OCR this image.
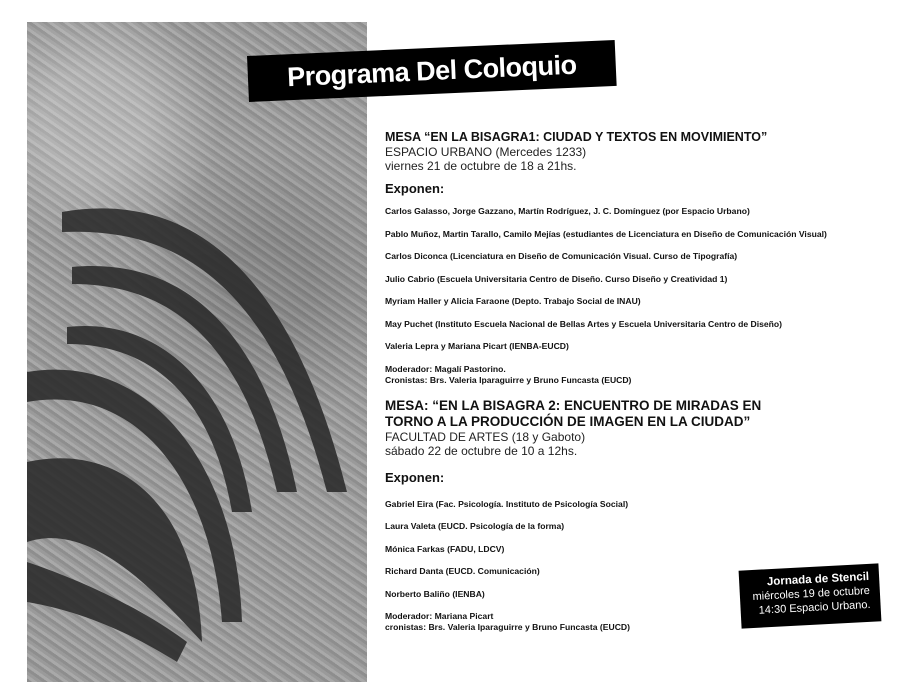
Programa Del Coloquio

MESA “EN LA BISAGRA1: CIUDAD Y TEXTOS EN MOVIMIENTO”

ESPACIO URBANO (Mercedes 1233)

viernes 21 de octubre de 18 a 21hs.

Exponen:

Carlos Galasso, Jorge Gazzano, Martín Rodríguez, J. C. Domínguez (por Espacio Urbano)

Pablo Muñoz, Martin Tarallo, Camilo Mejías (estudiantes de Licenciatura en Diseño de Comunicación Visual)

Carlos Diconca (Licenciatura en Diseño de Comunicación Visual. Curso de Tipografía)

Julio Cabrio (Escuela Universitaria Centro de Diseño. Curso Diseño y Creatividad 1)

Myriam Haller y Alicia Faraone (Depto. Trabajo Social de INAU)

May Puchet (Instituto Escuela Nacional de Bellas Artes y Escuela Universitaria Centro de Diseño)

Valeria Lepra y Mariana Picart (IENBA-EUCD)

Moderador: Magalí Pastorino.

Cronistas: Brs. Valeria Iparaguirre y Bruno Funcasta (EUCD)

MESA: “EN LA BISAGRA 2: ENCUENTRO DE MIRADAS EN

TORNO A LA PRODUCCIÓN DE IMAGEN EN LA CIUDAD”

FACULTAD DE ARTES (18 y Gaboto)

sábado 22 de octubre de 10 a 12hs.

Exponen:

Gabriel Eira (Fac. Psicología. Instituto de Psicología Social)

Laura Valeta (EUCD. Psicología de la forma)

Mónica Farkas (FADU, LDCV)

Richard Danta (EUCD. Comunicación)

Norberto Baliño (IENBA)

Moderador: Mariana Picart

cronistas: Brs. Valeria Iparaguirre y Bruno Funcasta (EUCD)

Jornada de Stencil
miércoles 19 de octubre
14:30 Espacio Urbano.
